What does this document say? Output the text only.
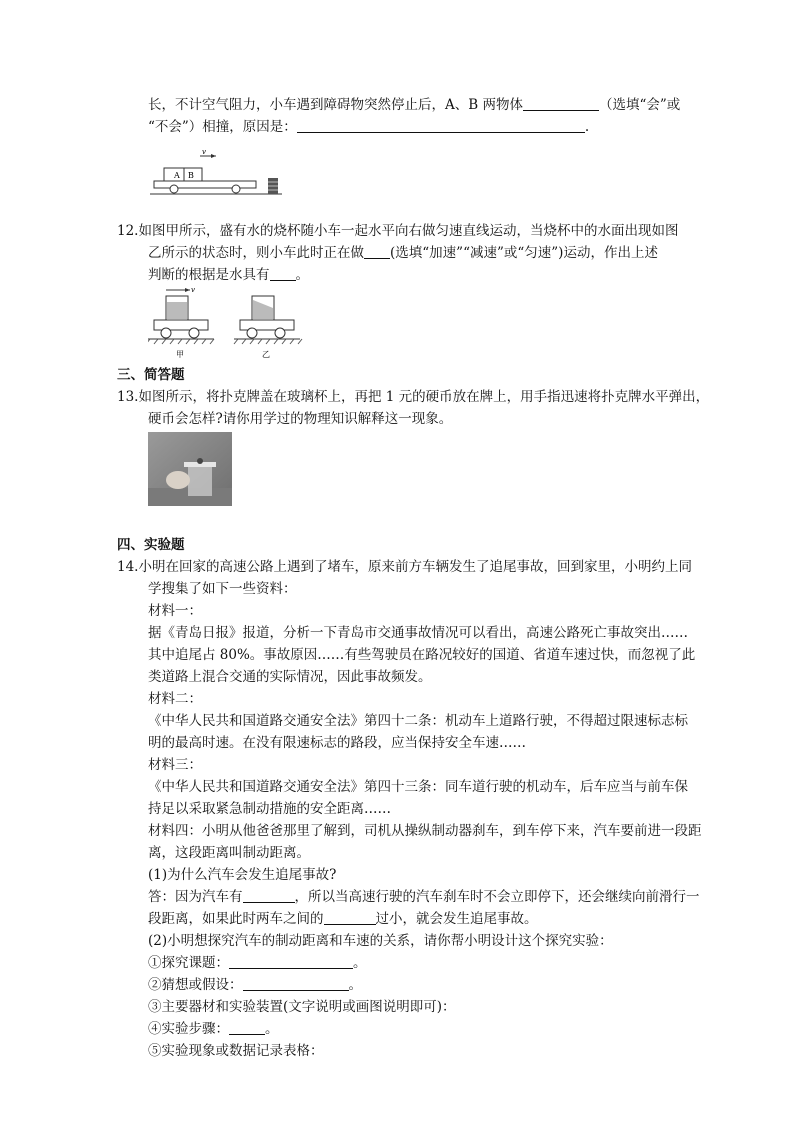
长，不计空气阻力，小车遇到障碍物突然停止后，A、B 两物体	（选填“会”或
“不会”）相撞，原因是：	.
v
A B
12.如图甲所示，盛有水的烧杯随小车一起水平向右做匀速直线运动，当烧杯中的水面出现如图
乙所示的状态时，则小车此时正在做 (选填“加速”“减速”或“匀速”)运动，作出上述
判断的根据是水具有 。
v
甲	乙
三、简答题
13.如图所示，将扑克牌盖在玻璃杯上，再把 1 元的硬币放在牌上，用手指迅速将扑克牌水平弹出，
硬币会怎样?请你用学过的物理知识解释这一现象。
四、实验题
14.小明在回家的高速公路上遇到了堵车，原来前方车辆发生了追尾事故，回到家里，小明约上同
学搜集了如下一些资料：
材料一：
据《青岛日报》报道，分析一下青岛市交通事故情况可以看出，高速公路死亡事故突出……
其中追尾占 80%。事故原因……有些驾驶员在路况较好的国道、省道车速过快，而忽视了此
类道路上混合交通的实际情况，因此事故频发。
材料二：
《中华人民共和国道路交通安全法》第四十二条：机动车上道路行驶，不得超过限速标志标
明的最高时速。在没有限速标志的路段，应当保持安全车速……
材料三：
《中华人民共和国道路交通安全法》第四十三条：同车道行驶的机动车，后车应当与前车保
持足以采取紧急制动措施的安全距离……
材料四：小明从他爸爸那里了解到，司机从操纵制动器刹车，到车停下来，汽车要前进一段距
离，这段距离叫制动距离。
(1)为什么汽车会发生追尾事故?
答：因为汽车有	，所以当高速行驶的汽车刹车时不会立即停下，还会继续向前滑行一
段距离，如果此时两车之间的	过小，就会发生追尾事故。
(2)小明想探究汽车的制动距离和车速的关系，请你帮小明设计这个探究实验：
①探究课题：	。
②猜想或假设：	。
③主要器材和实验装置(文字说明或画图说明即可)：
④实验步骤：	。
⑤实验现象或数据记录表格：
